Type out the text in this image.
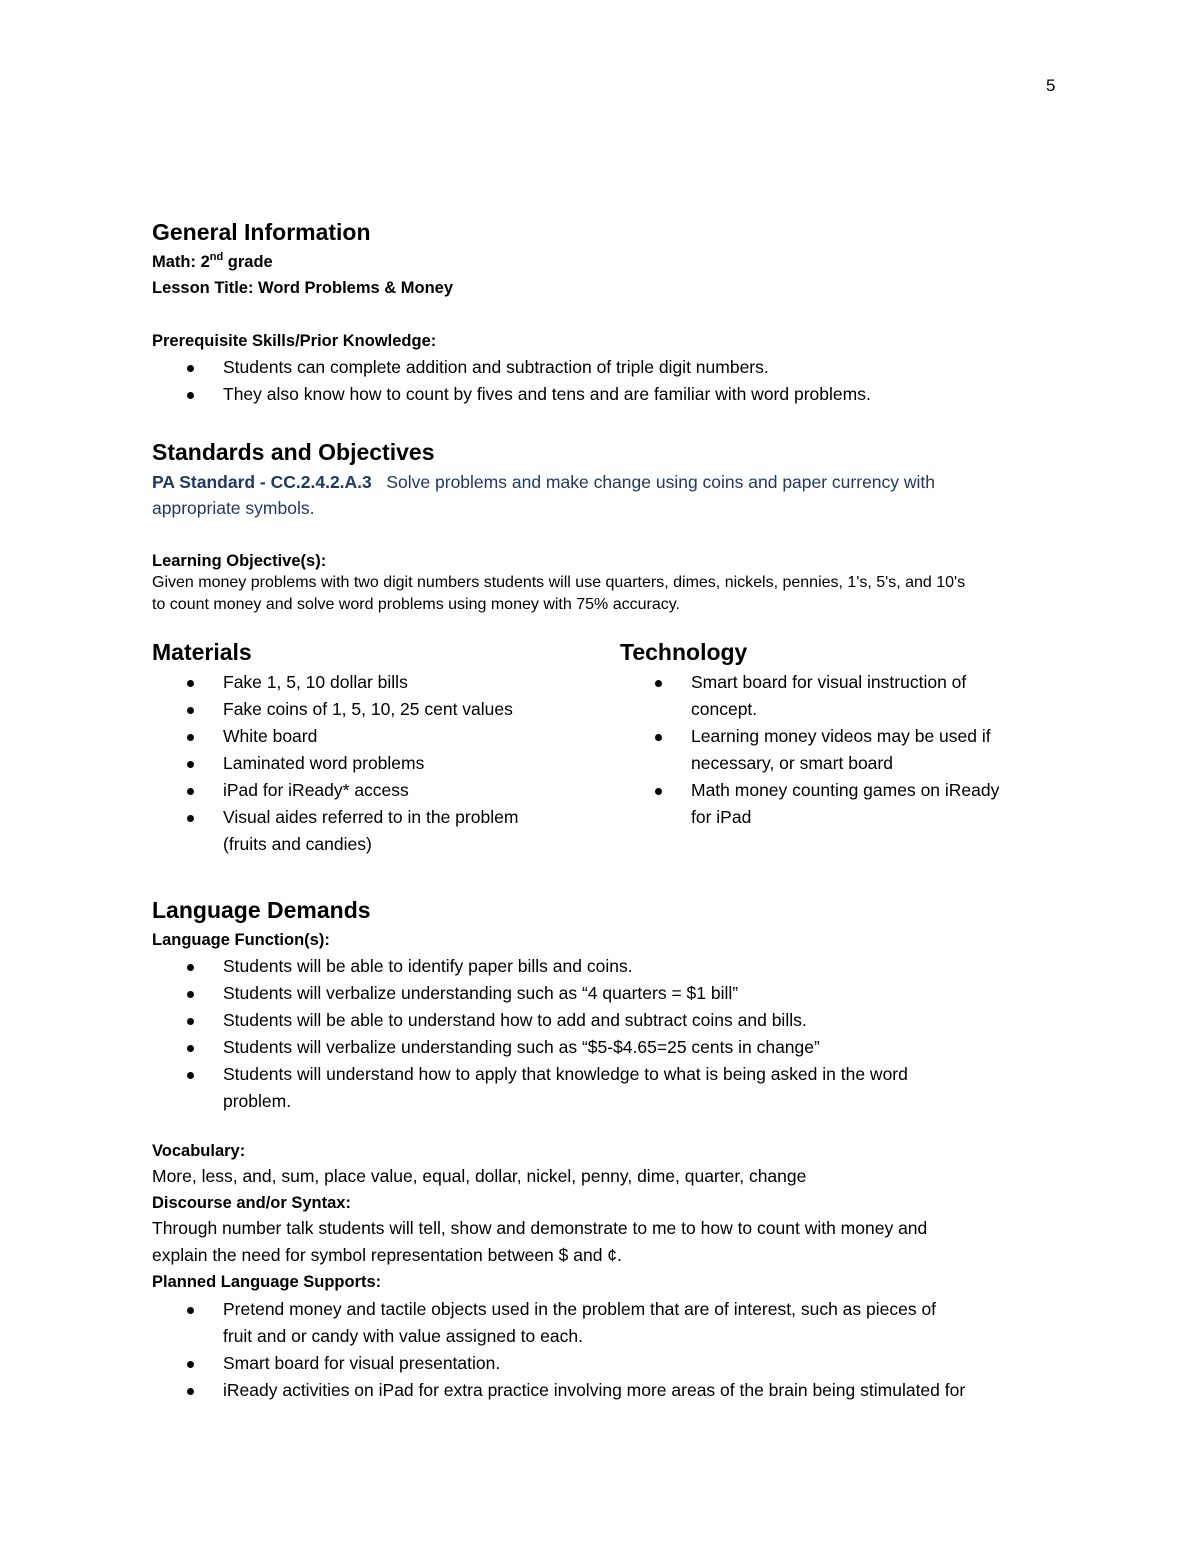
5
General Information
Math: 2nd grade
Lesson Title: Word Problems & Money
Prerequisite Skills/Prior Knowledge:
Students can complete addition and subtraction of triple digit numbers.
They also know how to count by fives and tens and are familiar with word problems.
Standards and Objectives
PA Standard - CC.2.4.2.A.3 Solve problems and make change using coins and paper currency with
appropriate symbols.
Learning Objective(s):
Given money problems with two digit numbers students will use quarters, dimes, nickels, pennies, 1's, 5's, and 10's
to count money and solve word problems using money with 75% accuracy.
Materials
Fake 1, 5, 10 dollar bills
Fake coins of 1, 5, 10, 25 cent values
White board
Laminated word problems
iPad for iReady* access
Visual aides referred to in the problem
(fruits and candies)
Technology
Smart board for visual instruction of
concept.
Learning money videos may be used if
necessary, or smart board
Math money counting games on iReady
for iPad
Language Demands
Language Function(s):
Students will be able to identify paper bills and coins.
Students will verbalize understanding such as “4 quarters = $1 bill”
Students will be able to understand how to add and subtract coins and bills.
Students will verbalize understanding such as “$5-$4.65=25 cents in change”
Students will understand how to apply that knowledge to what is being asked in the word
problem.
Vocabulary:
More, less, and, sum, place value, equal, dollar, nickel, penny, dime, quarter, change
Discourse and/or Syntax:
Through number talk students will tell, show and demonstrate to me to how to count with money and
explain the need for symbol representation between $ and ¢.
Planned Language Supports:
Pretend money and tactile objects used in the problem that are of interest, such as pieces of
fruit and or candy with value assigned to each.
Smart board for visual presentation.
iReady activities on iPad for extra practice involving more areas of the brain being stimulated for
